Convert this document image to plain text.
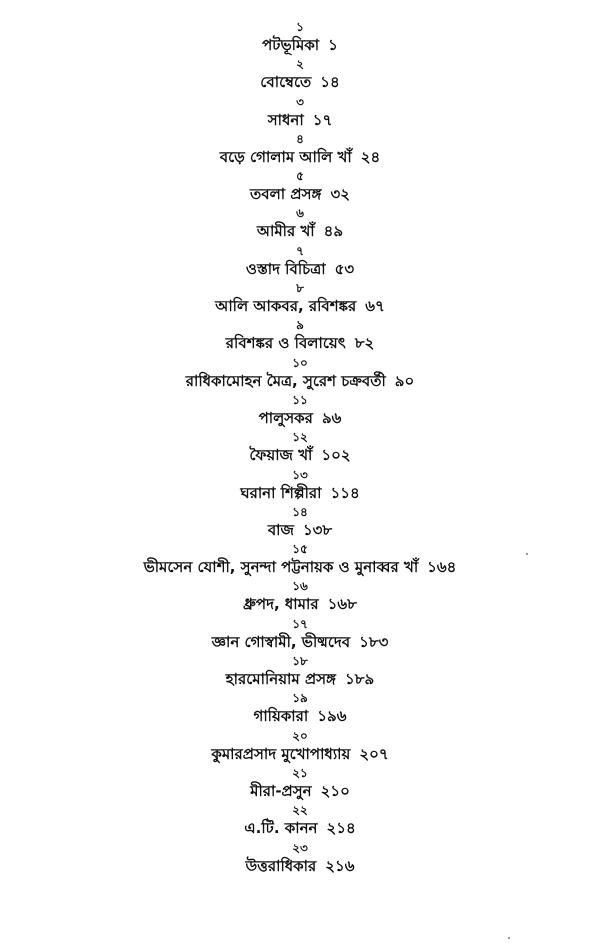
১
পটভূমিকা ১
২
বোম্বেতে ১৪
৩
সাধনা ১৭
৪
বড়ে গোলাম আলি খাঁ ২৪
৫
তবলা প্রসঙ্গ ৩২
৬
আমীর খাঁ ৪৯
৭
ওস্তাদ বিচিত্রা ৫৩
৮
আলি আকবর, রবিশঙ্কর ৬৭
৯
রবিশঙ্কর ও বিলায়েৎ ৮২
১০
রাধিকামোহন মৈত্র, সুরেশ চক্রবর্তী ৯০
১১
পালুসকর ৯৬
১২
ফৈয়াজ খাঁ ১০২
১৩
ঘরানা শিল্পীরা ১১৪
১৪
বাজ ১৩৮
১৫
ভীমসেন যোশী, সুনন্দা পট্টনায়ক ও মুনাব্বর খাঁ ১৬৪
১৬
ধ্রুপদ, ধামার ১৬৮
১৭
জ্ঞান গোস্বামী, ভীষ্মদেব ১৮৩
১৮
হারমোনিয়াম প্রসঙ্গ ১৮৯
১৯
গায়িকারা ১৯৬
২০
কুমারপ্রসাদ মুখোপাধ্যায় ২০৭
২১
মীরা-প্রসুন ২১০
২২
এ.টি. কানন ২১৪
২৩
উত্তরাধিকার ২১৬
